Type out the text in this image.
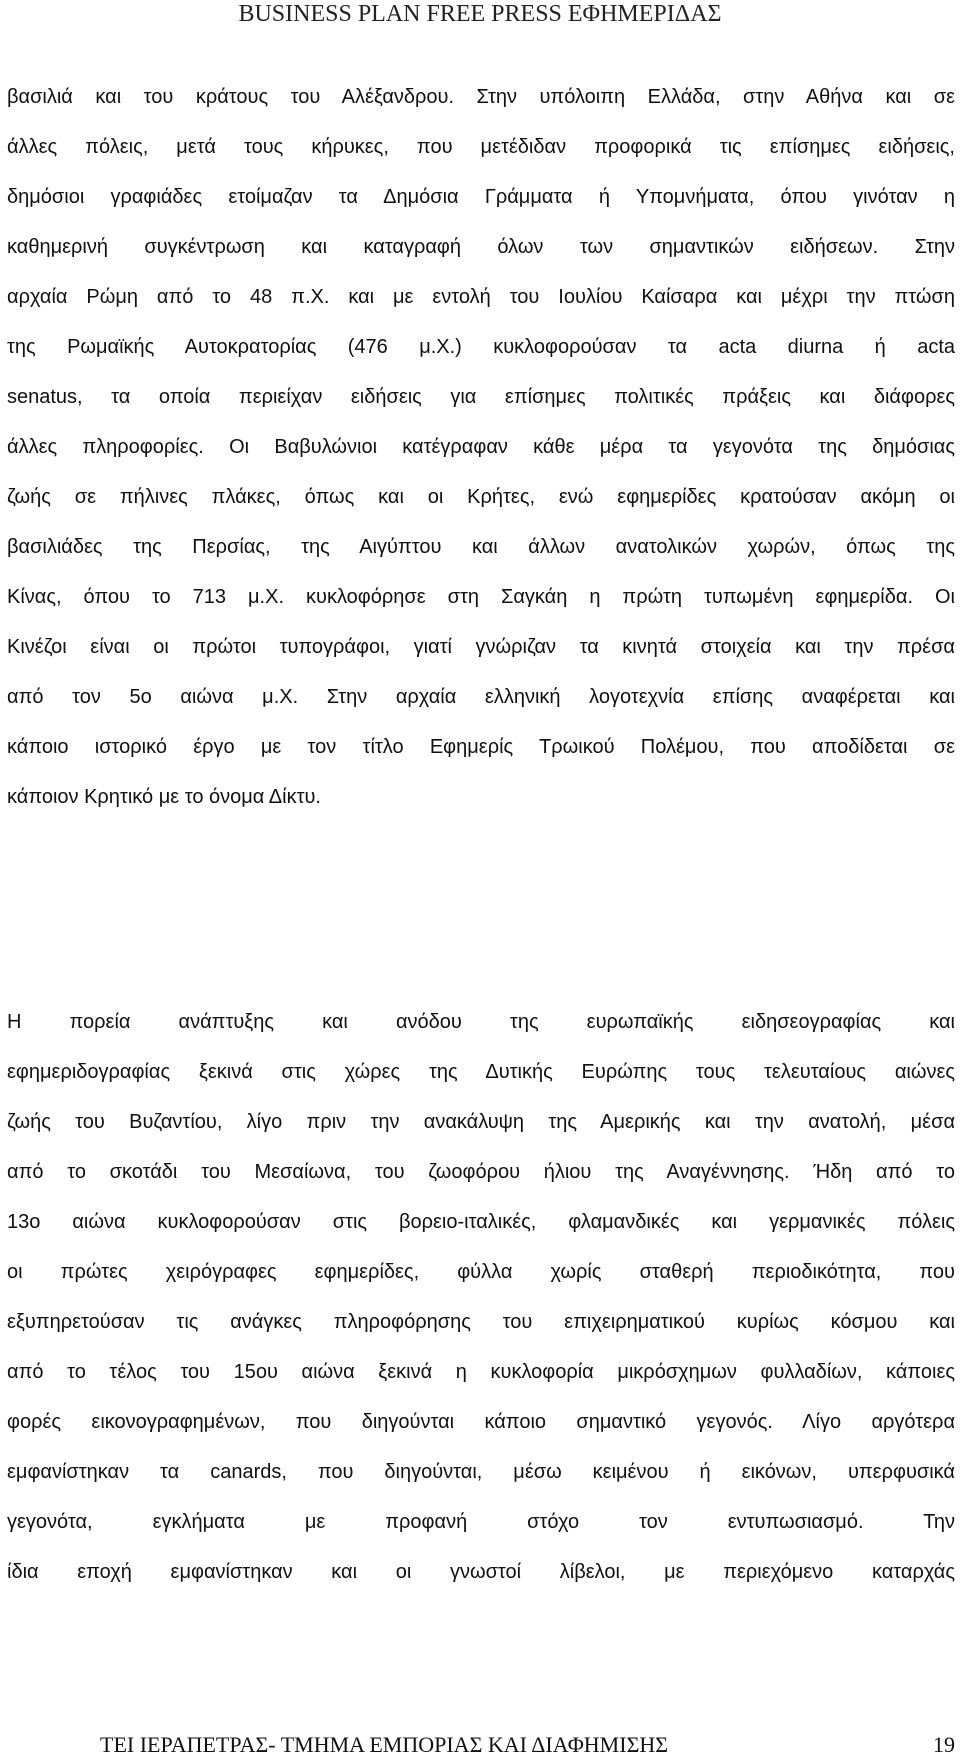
BUSINESS PLAN FREE PRESS ΕΦΗΜΕΡΙΔΑΣ
βασιλιά και του κράτους του Αλέξανδρου. Στην υπόλοιπη Ελλάδα, στην Αθήνα και σε
άλλες πόλεις, μετά τους κήρυκες, που μετέδιδαν προφορικά τις επίσημες ειδήσεις,
δημόσιοι γραφιάδες ετοίμαζαν τα Δημόσια Γράμματα ή Υπομνήματα, όπου γινόταν η
καθημερινή συγκέντρωση και καταγραφή όλων των σημαντικών ειδήσεων. Στην
αρχαία Ρώμη από το 48 π.Χ. και με εντολή του Ιουλίου Καίσαρα και μέχρι την πτώση
της Ρωμαϊκής Αυτοκρατορίας (476 μ.Χ.) κυκλοφορούσαν τα acta diurna ή acta
senatus, τα οποία περιείχαν ειδήσεις για επίσημες πολιτικές πράξεις και διάφορες
άλλες πληροφορίες. Οι Βαβυλώνιοι κατέγραφαν κάθε μέρα τα γεγονότα της δημόσιας
ζωής σε πήλινες πλάκες, όπως και οι Κρήτες, ενώ εφημερίδες κρατούσαν ακόμη οι
βασιλιάδες της Περσίας, της Αιγύπτου και άλλων ανατολικών χωρών, όπως της
Κίνας, όπου το 713 μ.Χ. κυκλοφόρησε στη Σαγκάη η πρώτη τυπωμένη εφημερίδα. Οι
Κινέζοι είναι οι πρώτοι τυπογράφοι, γιατί γνώριζαν τα κινητά στοιχεία και την πρέσα
από τον 5ο αιώνα μ.Χ. Στην αρχαία ελληνική λογοτεχνία επίσης αναφέρεται και
κάποιο ιστορικό έργο με τον τίτλο Εφημερίς Τρωικού Πολέμου, που αποδίδεται σε
κάποιον Κρητικό με το όνομα Δίκτυ.
Η πορεία ανάπτυξης και ανόδου της ευρωπαϊκής ειδησεογραφίας και
εφημεριδογραφίας ξεκινά στις χώρες της Δυτικής Ευρώπης τους τελευταίους αιώνες
ζωής του Βυζαντίου, λίγο πριν την ανακάλυψη της Αμερικής και την ανατολή, μέσα
από το σκοτάδι του Μεσαίωνα, του ζωοφόρου ήλιου της Αναγέννησης. Ήδη από το
13ο αιώνα κυκλοφορούσαν στις βορειο-ιταλικές, φλαμανδικές και γερμανικές πόλεις
οι πρώτες χειρόγραφες εφημερίδες, φύλλα χωρίς σταθερή περιοδικότητα, που
εξυπηρετούσαν τις ανάγκες πληροφόρησης του επιχειρηματικού κυρίως κόσμου και
από το τέλος του 15ου αιώνα ξεκινά η κυκλοφορία μικρόσχημων φυλλαδίων, κάποιες
φορές εικονογραφημένων, που διηγούνται κάποιο σημαντικό γεγονός. Λίγο αργότερα
εμφανίστηκαν τα canards, που διηγούνται, μέσω κειμένου ή εικόνων, υπερφυσικά
γεγονότα, εγκλήματα με προφανή στόχο τον εντυπωσιασμό. Την
ίδια εποχή εμφανίστηκαν και οι γνωστοί λίβελοι, με περιεχόμενο καταρχάς
ΤΕΙ ΙΕΡΑΠΕΤΡΑΣ- ΤΜΗΜΑ ΕΜΠΟΡΙΑΣ ΚΑΙ ΔΙΑΦΗΜΙΣΗΣ	19
